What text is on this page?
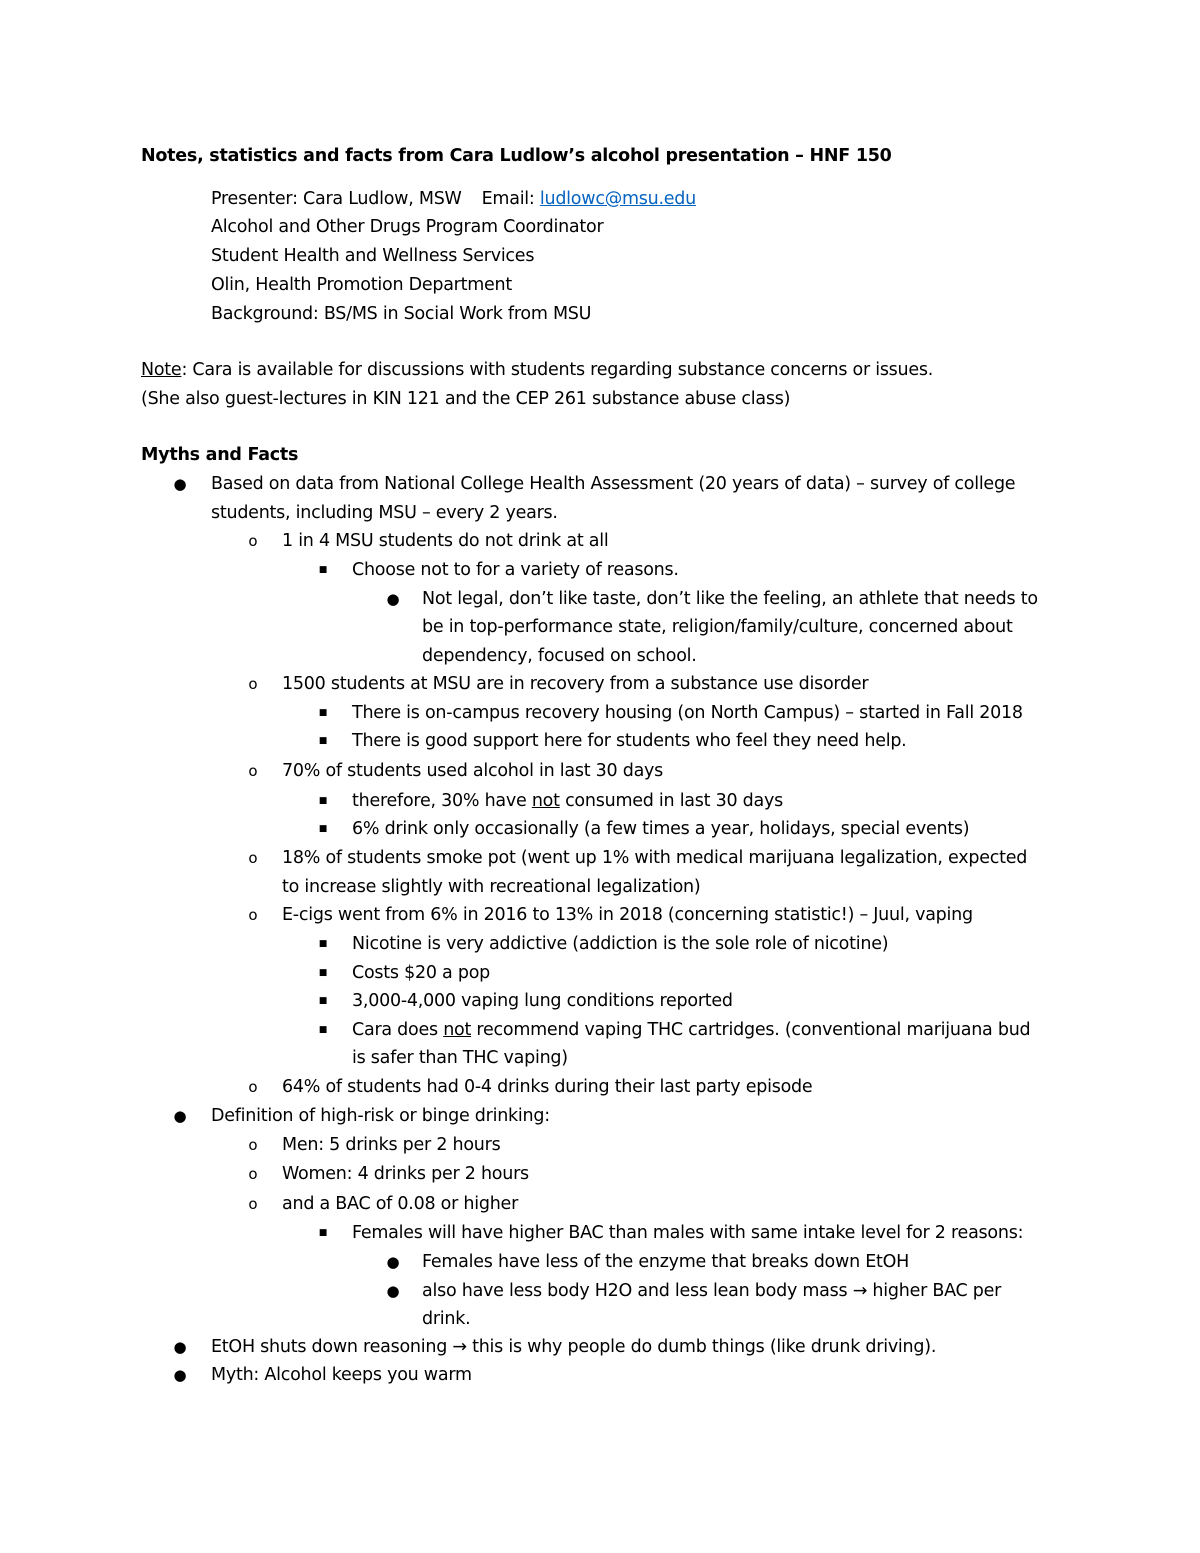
Notes, statistics and facts from Cara Ludlow’s alcohol presentation – HNF 150
Presenter: Cara Ludlow, MSW Email: ludlowc@msu.edu
Alcohol and Other Drugs Program Coordinator
Student Health and Wellness Services
Olin, Health Promotion Department
Background: BS/MS in Social Work from MSU
Note: Cara is available for discussions with students regarding substance concerns or issues.
(She also guest-lectures in KIN 121 and the CEP 261 substance abuse class)
Myths and Facts
● Based on data from National College Health Assessment (20 years of data) – survey of college
students, including MSU – every 2 years.
o	1 in 4 MSU students do not drink at all
■	Choose not to for a variety of reasons.
● Not legal, don’t like taste, don’t like the feeling, an athlete that needs to
be in top-performance state, religion/family/culture, concerned about
dependency, focused on school.
o	1500 students at MSU are in recovery from a substance use disorder
■	There is on-campus recovery housing (on North Campus) – started in Fall 2018
■	There is good support here for students who feel they need help.
o	70% of students used alcohol in last 30 days
■	therefore, 30% have not consumed in last 30 days
■	6% drink only occasionally (a few times a year, holidays, special events)
o	18% of students smoke pot (went up 1% with medical marijuana legalization, expected
to increase slightly with recreational legalization)
o	E-cigs went from 6% in 2016 to 13% in 2018 (concerning statistic!) – Juul, vaping
■	Nicotine is very addictive (addiction is the sole role of nicotine)
■	Costs $20 a pop
■	3,000-4,000 vaping lung conditions reported
■	Cara does not recommend vaping THC cartridges. (conventional marijuana bud
is safer than THC vaping)
o	64% of students had 0-4 drinks during their last party episode
● Definition of high-risk or binge drinking:
o	Men: 5 drinks per 2 hours
o	Women: 4 drinks per 2 hours
o	and a BAC of 0.08 or higher
■	Females will have higher BAC than males with same intake level for 2 reasons:
● Females have less of the enzyme that breaks down EtOH
● also have less body H2O and less lean body mass → higher BAC per
drink.
● EtOH shuts down reasoning → this is why people do dumb things (like drunk driving).
● Myth: Alcohol keeps you warm
